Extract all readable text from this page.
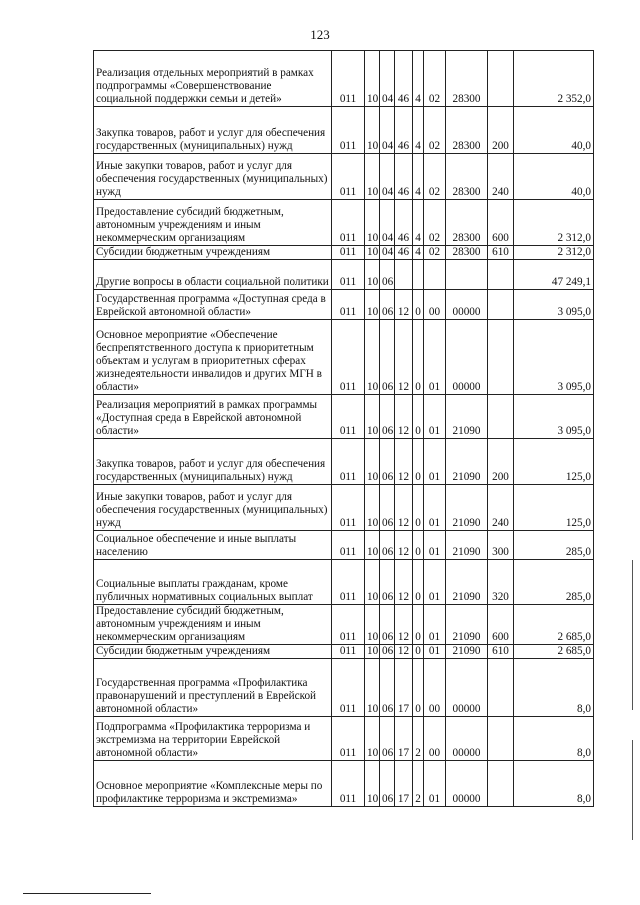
123
Реализация отдельных мероприятий в рамках подпрограммы «Совершенствование социальной поддержки семьи и детей»	011	10	04	46	4	02	28300		2 352,0
Закупка товаров, работ и услуг для обеспечения государственных (муниципальных) нужд	011	10	04	46	4	02	28300	200	40,0
Иные закупки товаров, работ и услуг для обеспечения государственных (муниципальных) нужд	011	10	04	46	4	02	28300	240	40,0
Предоставление субсидий бюджетным, автономным учреждениям и иным некоммерческим организациям	011	10	04	46	4	02	28300	600	2 312,0
Субсидии бюджетным учреждениям	011	10	04	46	4	02	28300	610	2 312,0
Другие вопросы в области социальной политики	011	10	06						47 249,1
Государственная программа «Доступная среда в Еврейской автономной области»	011	10	06	12	0	00	00000		3 095,0
Основное мероприятие «Обеспечение беспрепятственного доступа к приоритетным объектам и услугам в приоритетных сферах жизнедеятельности инвалидов и других МГН в области»	011	10	06	12	0	01	00000		3 095,0
Реализация мероприятий в рамках программы «Доступная среда в Еврейской автономной области»	011	10	06	12	0	01	21090		3 095,0
Закупка товаров, работ и услуг для обеспечения государственных (муниципальных) нужд	011	10	06	12	0	01	21090	200	125,0
Иные закупки товаров, работ и услуг для обеспечения государственных (муниципальных) нужд	011	10	06	12	0	01	21090	240	125,0
Социальное обеспечение и иные выплаты населению	011	10	06	12	0	01	21090	300	285,0
Социальные выплаты гражданам, кроме публичных нормативных социальных выплат	011	10	06	12	0	01	21090	320	285,0
Предоставление субсидий бюджетным, автономным учреждениям и иным некоммерческим организациям	011	10	06	12	0	01	21090	600	2 685,0
Субсидии бюджетным учреждениям	011	10	06	12	0	01	21090	610	2 685,0
Государственная программа «Профилактика правонарушений и преступлений в Еврейской автономной области»	011	10	06	17	0	00	00000		8,0
Подпрограмма «Профилактика терроризма и экстремизма на территории Еврейской автономной области»	011	10	06	17	2	00	00000		8,0
Основное мероприятие «Комплексные меры по профилактике терроризма и экстремизма»	011	10	06	17	2	01	00000		8,0
